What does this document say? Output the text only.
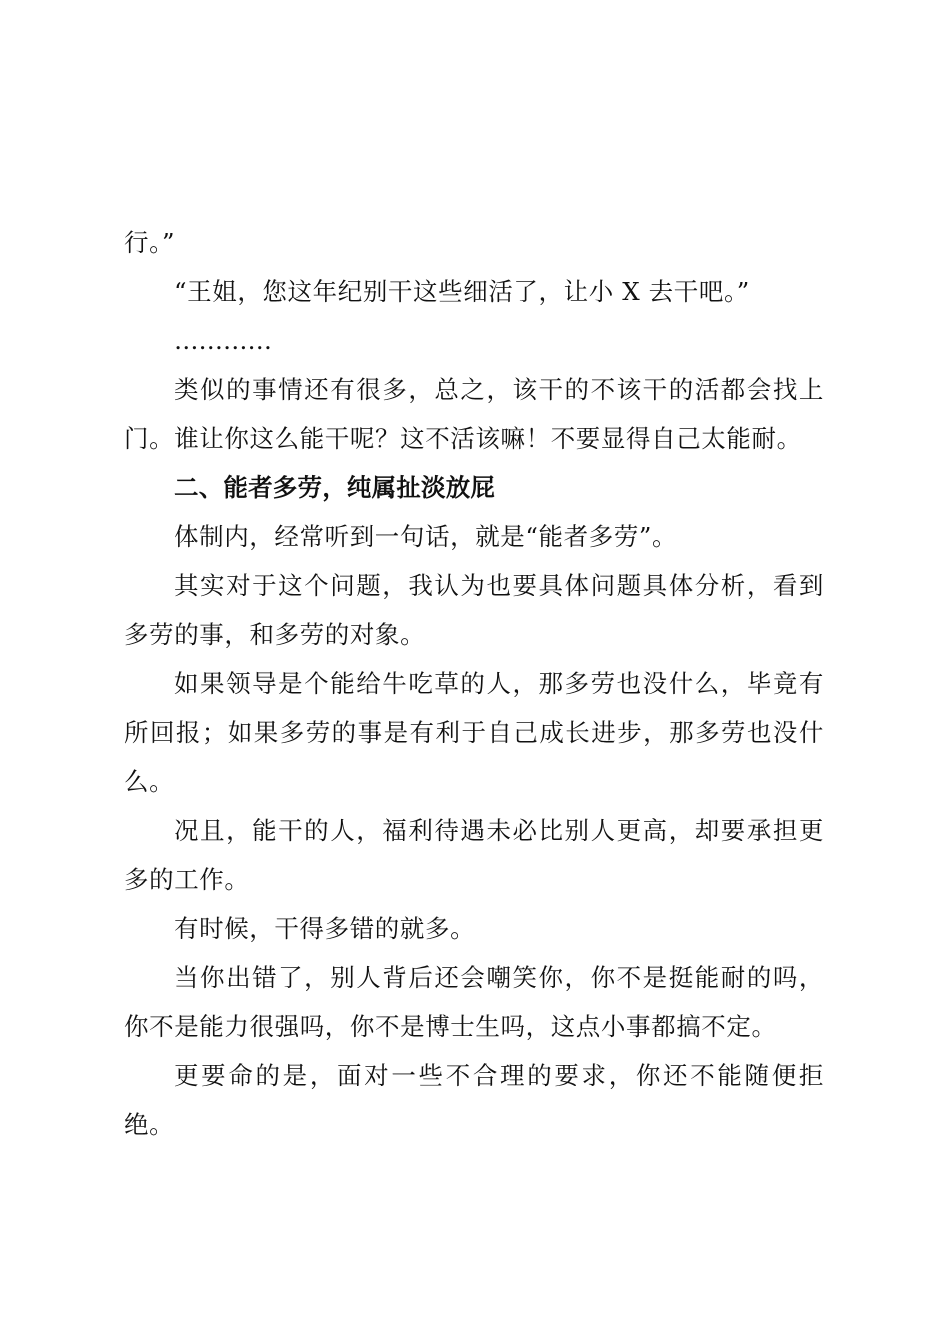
行。”

“王姐，您这年纪别干这些细活了，让小 X 去干吧。”

…………

类似的事情还有很多，总之，该干的不该干的活都会找上门。谁让你这么能干呢？这不活该嘛！不要显得自己太能耐。

二、能者多劳，纯属扯淡放屁

体制内，经常听到一句话，就是“能者多劳”。

其实对于这个问题，我认为也要具体问题具体分析，看到多劳的事，和多劳的对象。

如果领导是个能给牛吃草的人，那多劳也没什么，毕竟有所回报；如果多劳的事是有利于自己成长进步，那多劳也没什么。

况且，能干的人，福利待遇未必比别人更高，却要承担更多的工作。

有时候，干得多错的就多。

当你出错了，别人背后还会嘲笑你，你不是挺能耐的吗，你不是能力很强吗，你不是博士生吗，这点小事都搞不定。

更要命的是，面对一些不合理的要求，你还不能随便拒绝。
